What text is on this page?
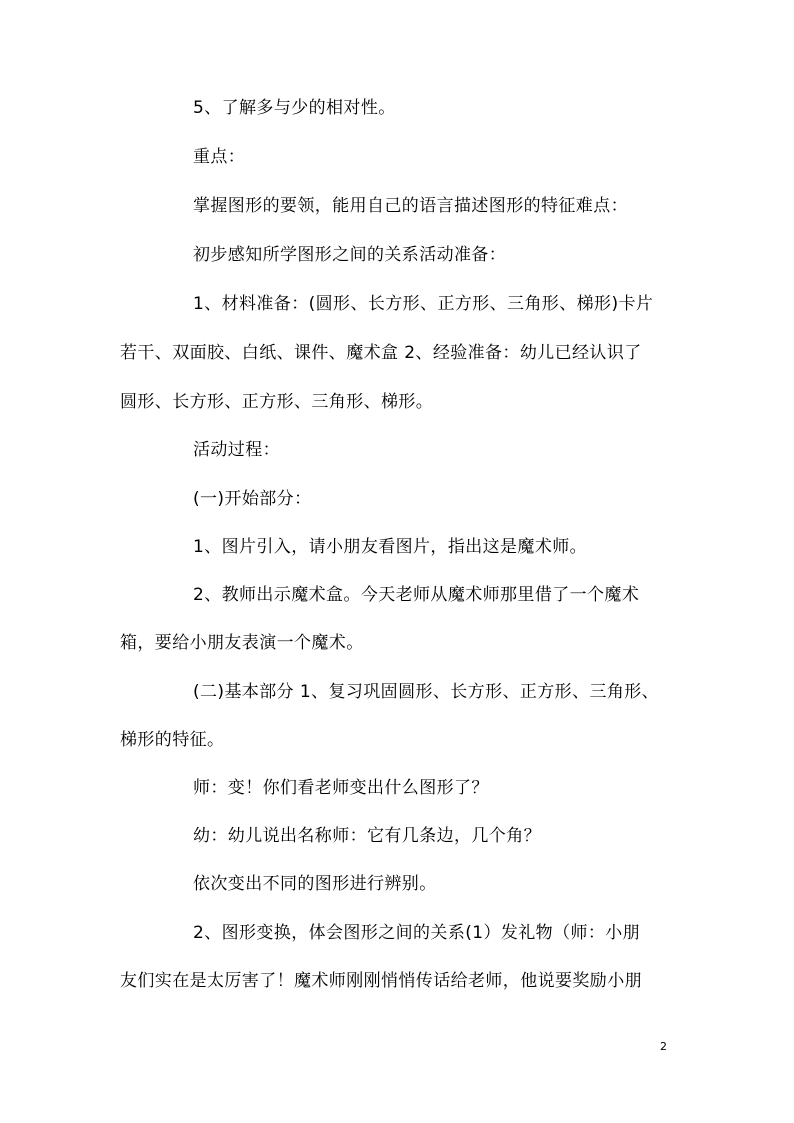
5、了解多与少的相对性。
重点：
掌握图形的要领，能用自己的语言描述图形的特征难点：
初步感知所学图形之间的关系活动准备：
1、材料准备：(圆形、长方形、正方形、三角形、梯形)卡片
若干、双面胶、白纸、课件、魔术盒 2、经验准备：幼儿已经认识了
圆形、长方形、正方形、三角形、梯形。
活动过程：
(一)开始部分：
1、图片引入，请小朋友看图片，指出这是魔术师。
2、教师出示魔术盒。今天老师从魔术师那里借了一个魔术
箱，要给小朋友表演一个魔术。
(二)基本部分 1、复习巩固圆形、长方形、正方形、三角形、
梯形的特征。
师：变！你们看老师变出什么图形了？
幼：幼儿说出名称师：它有几条边，几个角？
依次变出不同的图形进行辨别。
2、图形变换，体会图形之间的关系(1）发礼物（师：小朋
友们实在是太厉害了！魔术师刚刚悄悄传话给老师，他说要奖励小朋
2
